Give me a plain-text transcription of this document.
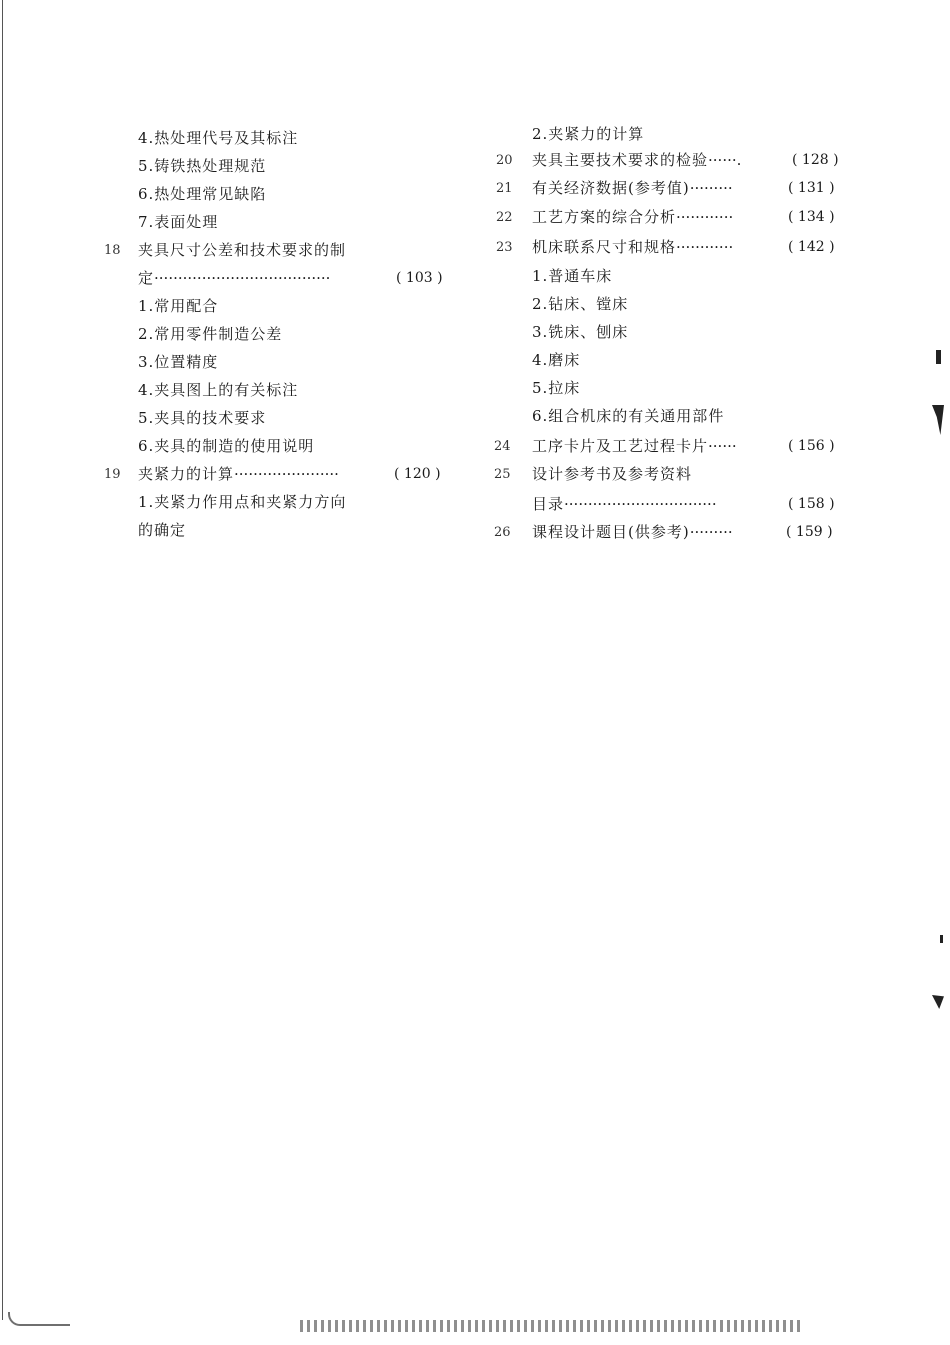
4.热处理代号及其标注
5.铸铁热处理规范
6.热处理常见缺陷
7.表面处理
18 夹具尺寸公差和技术要求的制
定·····································	( 103 )
1.常用配合
2.常用零件制造公差
3.位置精度
4.夹具图上的有关标注
5.夹具的技术要求
6.夹具的制造的使用说明
19 夹紧力的计算······················	( 120 )
1.夹紧力作用点和夹紧力方向
的确定
2.夹紧力的计算
20 夹具主要技术要求的检验······.	( 128 )
21 有关经济数据(参考值)·········	( 131 )
22 工艺方案的综合分析············	( 134 )
23 机床联系尺寸和规格············	( 142 )
1.普通车床
2.钻床、镗床
3.铣床、刨床
4.磨床
5.拉床
6.组合机床的有关通用部件
24 工序卡片及工艺过程卡片······	( 156 )
25 设计参考书及参考资料
目录································	( 158 )
26 课程设计题目(供参考)·········	( 159 )
